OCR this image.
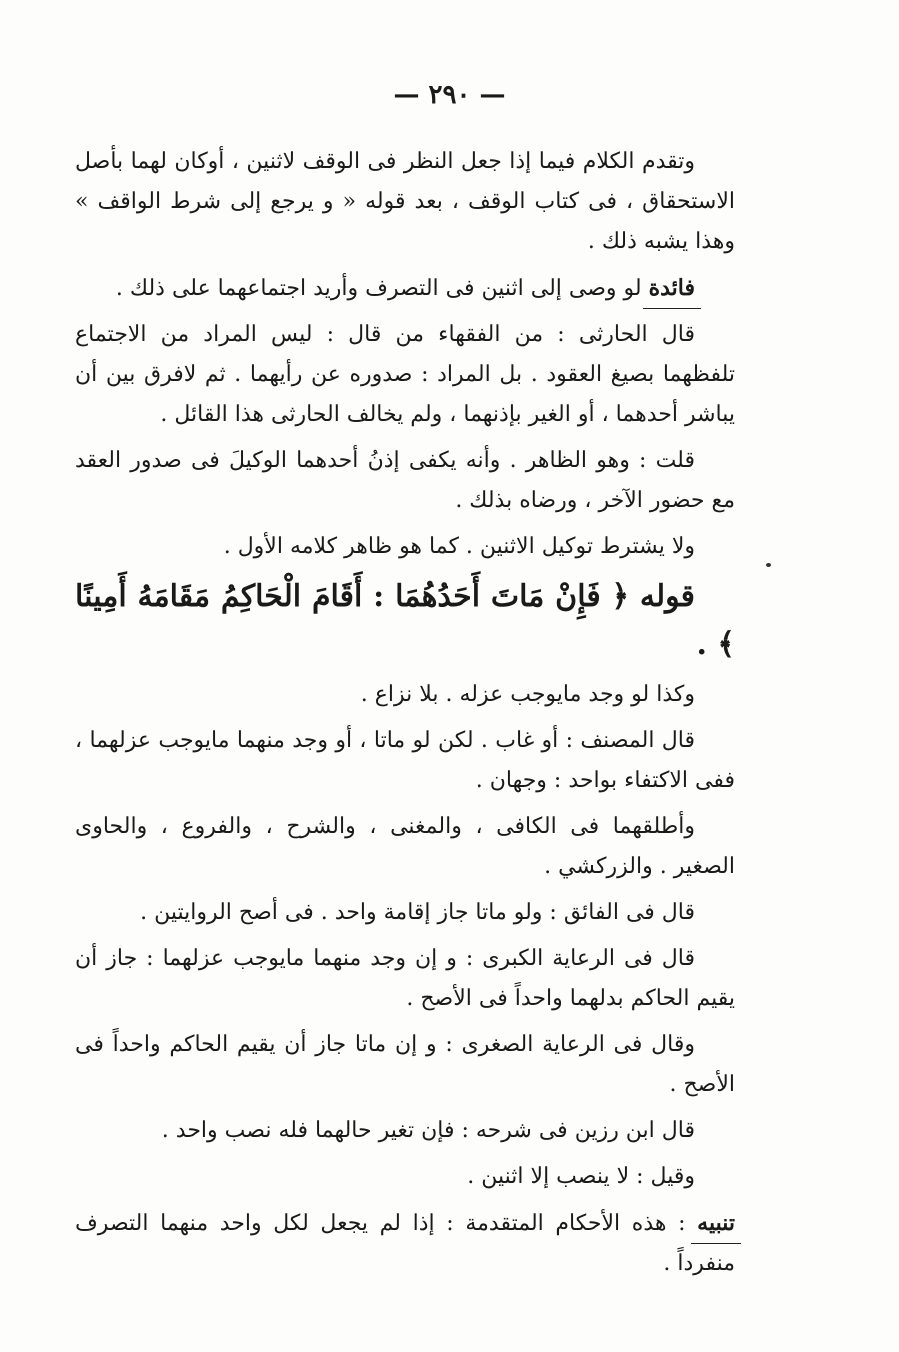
— ٢٩٠ —

وتقدم الكلام فيما إذا جعل النظر فى الوقف لاثنين ، أوكان لهما بأصل الاستحقاق ، فى كتاب الوقف ، بعد قوله « و يرجع إلى شرط الواقف » وهذا يشبه ذلك .

فائدة لو وصى إلى اثنين فى التصرف وأريد اجتماعهما على ذلك .

قال الحارثى : من الفقهاء من قال : ليس المراد من الاجتماع تلفظهما بصيغ العقود . بل المراد : صدوره عن رأيهما . ثم لافرق بين أن يباشر أحدهما ، أو الغير بإذنهما ، ولم يخالف الحارثى هذا القائل .

قلت : وهو الظاهر . وأنه يكفى إذنُ أحدهما الوكيلَ فى صدور العقد مع حضور الآخر ، ورضاه بذلك .

ولا يشترط توكيل الاثنين . كما هو ظاهر كلامه الأول .

قوله ﴿ فَإِنْ مَاتَ أَحَدُهُمَا : أَقَامَ الْحَاكِمُ مَقَامَهُ أَمِينًا ﴾ .

وكذا لو وجد مايوجب عزله . بلا نزاع .

قال المصنف : أو غاب . لكن لو ماتا ، أو وجد منهما مايوجب عزلهما ، ففى الاكتفاء بواحد : وجهان .

وأطلقهما فى الكافى ، والمغنى ، والشرح ، والفروع ، والحاوى الصغير . والزركشي .

قال فى الفائق : ولو ماتا جاز إقامة واحد . فى أصح الروايتين .

قال فى الرعاية الكبرى : و إن وجد منهما مايوجب عزلهما : جاز أن يقيم الحاكم بدلهما واحداً فى الأصح .

وقال فى الرعاية الصغرى : و إن ماتا جاز أن يقيم الحاكم واحداً فى الأصح .

قال ابن رزين فى شرحه : فإن تغير حالهما فله نصب واحد .

وقيل : لا ينصب إلا اثنين .

تنبيه : هذه الأحكام المتقدمة : إذا لم يجعل لكل واحد منهما التصرف منفرداً .
